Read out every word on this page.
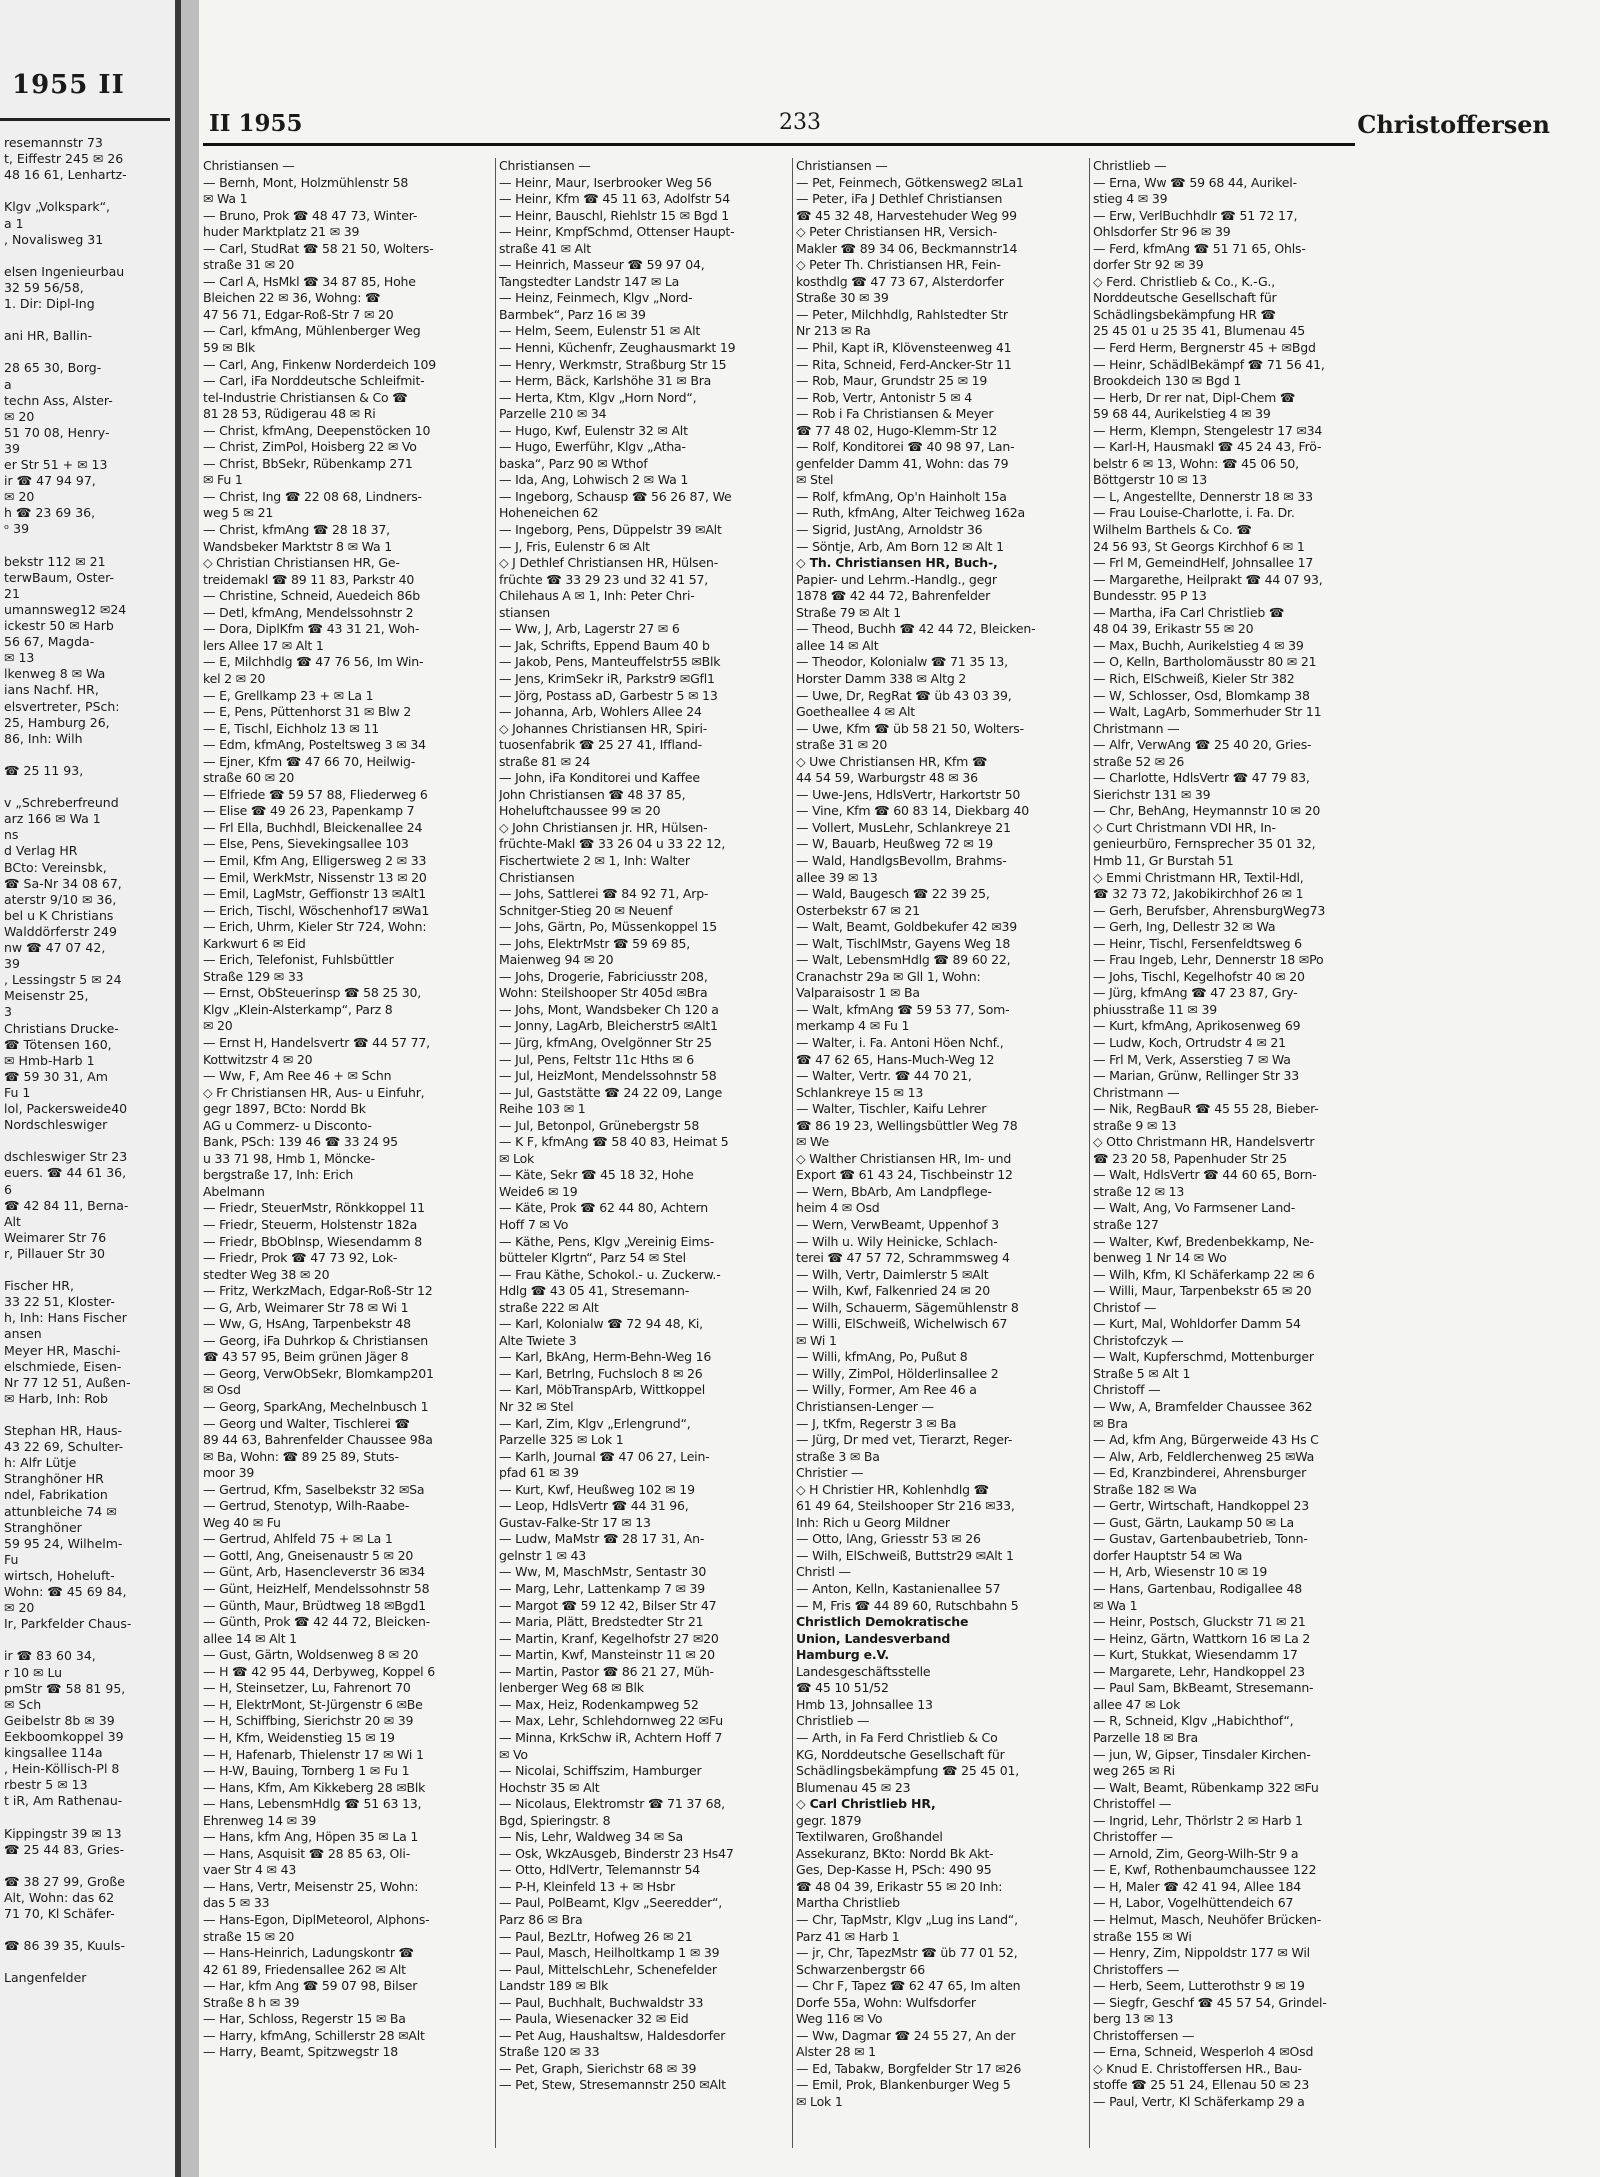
1955 II
resemannstr 73
t, Eiffestr 245 ✉ 26
48 16 61, Lenhartz-
Klgv „Volkspark“,
a 1
, Novalisweg 31
elsen Ingenieurbau
32 59 56/58,
1. Dir: Dipl-Ing
ani HR, Ballin-
28 65 30, Borg-
a
techn Ass, Alster-
✉ 20
51 70 08, Henry-
39
er Str 51 + ✉ 13
ir ☎ 47 94 97,
✉ 20
h ☎ 23 69 36,
ᵒ 39
bekstr 112 ✉ 21
terwBaum, Oster-
21
umannsweg12 ✉24
ickestr 50 ✉ Harb
56 67, Magda-
✉ 13
lkenweg 8 ✉ Wa
ians Nachf. HR,
elsvertreter, PSch:
25, Hamburg 26,
86, Inh: Wilh
☎ 25 11 93,
v „Schreberfreund
arz 166 ✉ Wa 1
ns
d Verlag HR
BCto: Vereinsbk,
☎ Sa-Nr 34 08 67,
aterstr 9/10 ✉ 36,
bel u K Christians
Walddörferstr 249
nw ☎ 47 07 42,
39
, Lessingstr 5 ✉ 24
Meisenstr 25,
3
Christians Drucke-
☎ Tötensen 160,
✉ Hmb-Harb 1
☎ 59 30 31, Am
Fu 1
lol, Packersweide40
Nordschleswiger
dschleswiger Str 23
euers. ☎ 44 61 36,
6
☎ 42 84 11, Berna-
Alt
Weimarer Str 76
r, Pillauer Str 30
Fischer HR,
33 22 51, Kloster-
h, Inh: Hans Fischer
ansen
Meyer HR, Maschi-
elschmiede, Eisen-
Nr 77 12 51, Außen-
✉ Harb, Inh: Rob
Stephan HR, Haus-
43 22 69, Schulter-
h: Alfr Lütje
Stranghöner HR
ndel, Fabrikation
attunbleiche 74 ✉
Stranghöner
59 95 24, Wilhelm-
Fu
wirtsch, Hoheluft-
Wohn: ☎ 45 69 84,
✉ 20
Ir, Parkfelder Chaus-
ir ☎ 83 60 34,
r 10 ✉ Lu
pmStr ☎ 58 81 95,
✉ Sch
Geibelstr 8b ✉ 39
Eekboomkoppel 39
kingsallee 114a
, Hein-Köllisch-Pl 8
rbestr 5 ✉ 13
t iR, Am Rathenau-
Kippingstr 39 ✉ 13
☎ 25 44 83, Gries-
☎ 38 27 99, Große
Alt, Wohn: das 62
71 70, Kl Schäfer-
☎ 86 39 35, Kuuls-
Langenfelder
II 1955	233	Christoffersen
Christiansen —
— Bernh, Mont, Holzmühlenstr 58
✉ Wa 1
— Bruno, Prok ☎ 48 47 73, Winter-
huder Marktplatz 21 ✉ 39
— Carl, StudRat ☎ 58 21 50, Wolters-
straße 31 ✉ 20
— Carl A, HsMkl ☎ 34 87 85, Hohe
Bleichen 22 ✉ 36, Wohng: ☎
47 56 71, Edgar-Roß-Str 7 ✉ 20
— Carl, kfmAng, Mühlenberger Weg
59 ✉ Blk
— Carl, Ang, Finkenw Norderdeich 109
— Carl, iFa Norddeutsche Schleifmit-
tel-Industrie Christiansen & Co ☎
81 28 53, Rüdigerau 48 ✉ Ri
— Christ, kfmAng, Deepenstöcken 10
— Christ, ZimPol, Hoisberg 22 ✉ Vo
— Christ, BbSekr, Rübenkamp 271
✉ Fu 1
— Christ, Ing ☎ 22 08 68, Lindners-
weg 5 ✉ 21
— Christ, kfmAng ☎ 28 18 37,
Wandsbeker Marktstr 8 ✉ Wa 1
◇ Christian Christiansen HR, Ge-
treidemakl ☎ 89 11 83, Parkstr 40
— Christine, Schneid, Auedeich 86b
— Detl, kfmAng, Mendelssohnstr 2
— Dora, DiplKfm ☎ 43 31 21, Woh-
lers Allee 17 ✉ Alt 1
— E, Milchhdlg ☎ 47 76 56, Im Win-
kel 2 ✉ 20
— E, Grellkamp 23 + ✉ La 1
— E, Pens, Püttenhorst 31 ✉ Blw 2
— E, Tischl, Eichholz 13 ✉ 11
— Edm, kfmAng, Posteltsweg 3 ✉ 34
— Ejner, Kfm ☎ 47 66 70, Heilwig-
straße 60 ✉ 20
— Elfriede ☎ 59 57 88, Fliederweg 6
— Elise ☎ 49 26 23, Papenkamp 7
— Frl Ella, Buchhdl, Bleickenallee 24
— Else, Pens, Sievekingsallee 103
— Emil, Kfm Ang, Elligersweg 2 ✉ 33
— Emil, WerkMstr, Nissenstr 13 ✉ 20
— Emil, LagMstr, Geffionstr 13 ✉Alt1
— Erich, Tischl, Wöschenhof17 ✉Wa1
— Erich, Uhrm, Kieler Str 724, Wohn:
Karkwurt 6 ✉ Eid
— Erich, Telefonist, Fuhlsbüttler
Straße 129 ✉ 33
— Ernst, ObSteuerinsp ☎ 58 25 30,
Klgv „Klein-Alsterkamp“, Parz 8
✉ 20
— Ernst H, Handelsvertr ☎ 44 57 77,
Kottwitzstr 4 ✉ 20
— Ww, F, Am Ree 46 + ✉ Schn
◇ Fr Christiansen HR, Aus- u Einfuhr,
gegr 1897, BCto: Nordd Bk
AG u Commerz- u Disconto-
Bank, PSch: 139 46 ☎ 33 24 95
u 33 71 98, Hmb 1, Möncke-
bergstraße 17, Inh: Erich
Abelmann
— Friedr, SteuerMstr, Rönkkoppel 11
— Friedr, Steuerm, Holstenstr 182a
— Friedr, BbOblnsp, Wiesendamm 8
— Friedr, Prok ☎ 47 73 92, Lok-
stedter Weg 38 ✉ 20
— Fritz, WerkzMach, Edgar-Roß-Str 12
— G, Arb, Weimarer Str 78 ✉ Wi 1
— Ww, G, HsAng, Tarpenbekstr 48
— Georg, iFa Duhrkop & Christiansen
☎ 43 57 95, Beim grünen Jäger 8
— Georg, VerwObSekr, Blomkamp201
✉ Osd
— Georg, SparkAng, Mechelnbusch 1
— Georg und Walter, Tischlerei ☎
89 44 63, Bahrenfelder Chaussee 98a
✉ Ba, Wohn: ☎ 89 25 89, Stuts-
moor 39
— Gertrud, Kfm, Saselbekstr 32 ✉Sa
— Gertrud, Stenotyp, Wilh-Raabe-
Weg 40 ✉ Fu
— Gertrud, Ahlfeld 75 + ✉ La 1
— Gottl, Ang, Gneisenaustr 5 ✉ 20
— Günt, Arb, Hasencleverstr 36 ✉34
— Günt, HeizHelf, Mendelssohnstr 58
— Günth, Maur, Brüdtweg 18 ✉Bgd1
— Günth, Prok ☎ 42 44 72, Bleicken-
allee 14 ✉ Alt 1
— Gust, Gärtn, Woldsenweg 8 ✉ 20
— H ☎ 42 95 44, Derbyweg, Koppel 6
— H, Steinsetzer, Lu, Fahrenort 70
— H, ElektrMont, St-Jürgenstr 6 ✉Be
— H, Schiffbing, Sierichstr 20 ✉ 39
— H, Kfm, Weidenstieg 15 ✉ 19
— H, Hafenarb, Thielenstr 17 ✉ Wi 1
— H-W, Bauing, Tornberg 1 ✉ Fu 1
— Hans, Kfm, Am Kikkeberg 28 ✉Blk
— Hans, LebensmHdlg ☎ 51 63 13,
Ehrenweg 14 ✉ 39
— Hans, kfm Ang, Höpen 35 ✉ La 1
— Hans, Asquisit ☎ 28 85 63, Oli-
vaer Str 4 ✉ 43
— Hans, Vertr, Meisenstr 25, Wohn:
das 5 ✉ 33
— Hans-Egon, DiplMeteorol, Alphons-
straße 15 ✉ 20
— Hans-Heinrich, Ladungskontr ☎
42 61 89, Friedensallee 262 ✉ Alt
— Har, kfm Ang ☎ 59 07 98, Bilser
Straße 8 h ✉ 39
— Har, Schloss, Regerstr 15 ✉ Ba
— Harry, kfmAng, Schillerstr 28 ✉Alt
— Harry, Beamt, Spitzwegstr 18
Christiansen —
— Heinr, Maur, Iserbrooker Weg 56
— Heinr, Kfm ☎ 45 11 63, Adolfstr 54
— Heinr, Bauschl, Riehlstr 15 ✉ Bgd 1
— Heinr, KmpfSchmd, Ottenser Haupt-
straße 41 ✉ Alt
— Heinrich, Masseur ☎ 59 97 04,
Tangstedter Landstr 147 ✉ La
— Heinz, Feinmech, Klgv „Nord-
Barmbek“, Parz 16 ✉ 39
— Helm, Seem, Eulenstr 51 ✉ Alt
— Henni, Küchenfr, Zeughausmarkt 19
— Henry, Werkmstr, Straßburg Str 15
— Herm, Bäck, Karlshöhe 31 ✉ Bra
— Herta, Ktm, Klgv „Horn Nord“,
Parzelle 210 ✉ 34
— Hugo, Kwf, Eulenstr 32 ✉ Alt
— Hugo, Ewerführ, Klgv „Atha-
baska“, Parz 90 ✉ Wthof
— Ida, Ang, Lohwisch 2 ✉ Wa 1
— Ingeborg, Schausp ☎ 56 26 87, We
Hoheneichen 62
— Ingeborg, Pens, Düppelstr 39 ✉Alt
— J, Fris, Eulenstr 6 ✉ Alt
◇ J Dethlef Christiansen HR, Hülsen-
früchte ☎ 33 29 23 und 32 41 57,
Chilehaus A ✉ 1, Inh: Peter Chri-
stiansen
— Ww, J, Arb, Lagerstr 27 ✉ 6
— Jak, Schrifts, Eppend Baum 40 b
— Jakob, Pens, Manteuffelstr55 ✉Blk
— Jens, KrimSekr iR, Parkstr9 ✉Gfl1
— Jörg, Postass aD, Garbestr 5 ✉ 13
— Johanna, Arb, Wohlers Allee 24
◇ Johannes Christiansen HR, Spiri-
tuosenfabrik ☎ 25 27 41, Iffland-
straße 81 ✉ 24
— John, iFa Konditorei und Kaffee
John Christiansen ☎ 48 37 85,
Hoheluftchaussee 99 ✉ 20
◇ John Christiansen jr. HR, Hülsen-
früchte-Makl ☎ 33 26 04 u 33 22 12,
Fischertwiete 2 ✉ 1, Inh: Walter
Christiansen
— Johs, Sattlerei ☎ 84 92 71, Arp-
Schnitger-Stieg 20 ✉ Neuenf
— Johs, Gärtn, Po, Müssenkoppel 15
— Johs, ElektrMstr ☎ 59 69 85,
Maienweg 94 ✉ 20
— Johs, Drogerie, Fabriciusstr 208,
Wohn: Steilshooper Str 405d ✉Bra
— Johs, Mont, Wandsbeker Ch 120 a
— Jonny, LagArb, Bleicherstr5 ✉Alt1
— Jürg, kfmAng, Ovelgönner Str 25
— Jul, Pens, Feltstr 11c Hths ✉ 6
— Jul, HeizMont, Mendelssohnstr 58
— Jul, Gaststätte ☎ 24 22 09, Lange
Reihe 103 ✉ 1
— Jul, Betonpol, Grünebergstr 58
— K F, kfmAng ☎ 58 40 83, Heimat 5
✉ Lok
— Käte, Sekr ☎ 45 18 32, Hohe
Weide6 ✉ 19
— Käte, Prok ☎ 62 44 80, Achtern
Hoff 7 ✉ Vo
— Käthe, Pens, Klgv „Vereinig Eims-
bütteler Klgrtn“, Parz 54 ✉ Stel
— Frau Käthe, Schokol.- u. Zuckerw.-
Hdlg ☎ 43 05 41, Stresemann-
straße 222 ✉ Alt
— Karl, Kolonialw ☎ 72 94 48, Ki,
Alte Twiete 3
— Karl, BkAng, Herm-Behn-Weg 16
— Karl, Betrlng, Fuchsloch 8 ✉ 26
— Karl, MöbTranspArb, Wittkoppel
Nr 32 ✉ Stel
— Karl, Zim, Klgv „Erlengrund“,
Parzelle 325 ✉ Lok 1
— Karlh, Journal ☎ 47 06 27, Lein-
pfad 61 ✉ 39
— Kurt, Kwf, Heußweg 102 ✉ 19
— Leop, HdlsVertr ☎ 44 31 96,
Gustav-Falke-Str 17 ✉ 13
— Ludw, MaMstr ☎ 28 17 31, An-
gelnstr 1 ✉ 43
— Ww, M, MaschMstr, Sentastr 30
— Marg, Lehr, Lattenkamp 7 ✉ 39
— Margot ☎ 59 12 42, Bilser Str 47
— Maria, Plätt, Bredstedter Str 21
— Martin, Kranf, Kegelhofstr 27 ✉20
— Martin, Kwf, Mansteinstr 11 ✉ 20
— Martin, Pastor ☎ 86 21 27, Müh-
lenberger Weg 68 ✉ Blk
— Max, Heiz, Rodenkampweg 52
— Max, Lehr, Schlehdornweg 22 ✉Fu
— Minna, KrkSchw iR, Achtern Hoff 7
✉ Vo
— Nicolai, Schiffszim, Hamburger
Hochstr 35 ✉ Alt
— Nicolaus, Elektromstr ☎ 71 37 68,
Bgd, Spieringstr. 8
— Nis, Lehr, Waldweg 34 ✉ Sa
— Osk, WkzAusgeb, Binderstr 23 Hs47
— Otto, HdlVertr, Telemannstr 54
— P-H, Kleinfeld 13 + ✉ Hsbr
— Paul, PolBeamt, Klgv „Seeredder“,
Parz 86 ✉ Bra
— Paul, BezLtr, Hofweg 26 ✉ 21
— Paul, Masch, Heilholtkamp 1 ✉ 39
— Paul, MittelschLehr, Schenefelder
Landstr 189 ✉ Blk
— Paul, Buchhalt, Buchwaldstr 33
— Paula, Wiesenacker 32 ✉ Eid
— Pet Aug, Haushaltsw, Haldesdorfer
Straße 120 ✉ 33
— Pet, Graph, Sierichstr 68 ✉ 39
— Pet, Stew, Stresemannstr 250 ✉Alt
Christiansen —
— Pet, Feinmech, Götkensweg2 ✉La1
— Peter, iFa J Dethlef Christiansen
☎ 45 32 48, Harvestehuder Weg 99
◇ Peter Christiansen HR, Versich-
Makler ☎ 89 34 06, Beckmannstr14
◇ Peter Th. Christiansen HR, Fein-
kosthdlg ☎ 47 73 67, Alsterdorfer
Straße 30 ✉ 39
— Peter, Milchhdlg, Rahlstedter Str
Nr 213 ✉ Ra
— Phil, Kapt iR, Klövensteenweg 41
— Rita, Schneid, Ferd-Ancker-Str 11
— Rob, Maur, Grundstr 25 ✉ 19
— Rob, Vertr, Antonistr 5 ✉ 4
— Rob i Fa Christiansen & Meyer
☎ 77 48 02, Hugo-Klemm-Str 12
— Rolf, Konditorei ☎ 40 98 97, Lan-
genfelder Damm 41, Wohn: das 79
✉ Stel
— Rolf, kfmAng, Op'n Hainholt 15a
— Ruth, kfmAng, Alter Teichweg 162a
— Sigrid, JustAng, Arnoldstr 36
— Söntje, Arb, Am Born 12 ✉ Alt 1
◇ Th. Christiansen HR, Buch-,
Papier- und Lehrm.-Handlg., gegr
1878 ☎ 42 44 72, Bahrenfelder
Straße 79 ✉ Alt 1
— Theod, Buchh ☎ 42 44 72, Bleicken-
allee 14 ✉ Alt
— Theodor, Kolonialw ☎ 71 35 13,
Horster Damm 338 ✉ Altg 2
— Uwe, Dr, RegRat ☎ üb 43 03 39,
Goetheallee 4 ✉ Alt
— Uwe, Kfm ☎ üb 58 21 50, Wolters-
straße 31 ✉ 20
◇ Uwe Christiansen HR, Kfm ☎
44 54 59, Warburgstr 48 ✉ 36
— Uwe-Jens, HdlsVertr, Harkortstr 50
— Vine, Kfm ☎ 60 83 14, Diekbarg 40
— Vollert, MusLehr, Schlankreye 21
— W, Bauarb, Heußweg 72 ✉ 19
— Wald, HandlgsBevollm, Brahms-
allee 39 ✉ 13
— Wald, Baugesch ☎ 22 39 25,
Osterbekstr 67 ✉ 21
— Walt, Beamt, Goldbekufer 42 ✉39
— Walt, TischlMstr, Gayens Weg 18
— Walt, LebensmHdlg ☎ 89 60 22,
Cranachstr 29a ✉ Gll 1, Wohn:
Valparaisostr 1 ✉ Ba
— Walt, kfmAng ☎ 59 53 77, Som-
merkamp 4 ✉ Fu 1
— Walter, i. Fa. Antoni Höen Nchf.,
☎ 47 62 65, Hans-Much-Weg 12
— Walter, Vertr. ☎ 44 70 21,
Schlankreye 15 ✉ 13
— Walter, Tischler, Kaifu Lehrer
☎ 86 19 23, Wellingsbüttler Weg 78
✉ We
◇ Walther Christiansen HR, Im- und
Export ☎ 61 43 24, Tischbeinstr 12
— Wern, BbArb, Am Landpflege-
heim 4 ✉ Osd
— Wern, VerwBeamt, Uppenhof 3
— Wilh u. Wily Heinicke, Schlach-
terei ☎ 47 57 72, Schrammsweg 4
— Wilh, Vertr, Daimlerstr 5 ✉Alt
— Wilh, Kwf, Falkenried 24 ✉ 20
— Wilh, Schauerm, Sägemühlenstr 8
— Willi, ElSchweiß, Wichelwisch 67
✉ Wi 1
— Willi, kfmAng, Po, Pußut 8
— Willy, ZimPol, Hölderlinsallee 2
— Willy, Former, Am Ree 46 a
Christiansen-Lenger —
— J, tKfm, Regerstr 3 ✉ Ba
— Jürg, Dr med vet, Tierarzt, Reger-
straße 3 ✉ Ba
Christier —
◇ H Christier HR, Kohlenhdlg ☎
61 49 64, Steilshooper Str 216 ✉33,
Inh: Rich u Georg Mildner
— Otto, lAng, Griesstr 53 ✉ 26
— Wilh, ElSchweiß, Buttstr29 ✉Alt 1
Christl —
— Anton, Kelln, Kastanienallee 57
— M, Fris ☎ 44 89 60, Rutschbahn 5
Christlich Demokratische
Union, Landesverband
Hamburg e.V.
Landesgeschäftsstelle
☎ 45 10 51/52
Hmb 13, Johnsallee 13
Christlieb —
— Arth, in Fa Ferd Christlieb & Co
KG, Norddeutsche Gesellschaft für
Schädlingsbekämpfung ☎ 25 45 01,
Blumenau 45 ✉ 23
◇ Carl Christlieb HR,
gegr. 1879
Textilwaren, Großhandel
Assekuranz, BKto: Nordd Bk Akt-
Ges, Dep-Kasse H, PSch: 490 95
☎ 48 04 39, Erikastr 55 ✉ 20 Inh:
Martha Christlieb
— Chr, TapMstr, Klgv „Lug ins Land“,
Parz 41 ✉ Harb 1
— jr, Chr, TapezMstr ☎ üb 77 01 52,
Schwarzenbergstr 66
— Chr F, Tapez ☎ 62 47 65, Im alten
Dorfe 55a, Wohn: Wulfsdorfer
Weg 116 ✉ Vo
— Ww, Dagmar ☎ 24 55 27, An der
Alster 28 ✉ 1
— Ed, Tabakw, Borgfelder Str 17 ✉26
— Emil, Prok, Blankenburger Weg 5
✉ Lok 1
Christlieb —
— Erna, Ww ☎ 59 68 44, Aurikel-
stieg 4 ✉ 39
— Erw, VerlBuchhdlr ☎ 51 72 17,
Ohlsdorfer Str 96 ✉ 39
— Ferd, kfmAng ☎ 51 71 65, Ohls-
dorfer Str 92 ✉ 39
◇ Ferd. Christlieb & Co., K.-G.,
Norddeutsche Gesellschaft für
Schädlingsbekämpfung HR ☎
25 45 01 u 25 35 41, Blumenau 45
— Ferd Herm, Bergnerstr 45 + ✉Bgd
— Heinr, SchädlBekämpf ☎ 71 56 41,
Brookdeich 130 ✉ Bgd 1
— Herb, Dr rer nat, Dipl-Chem ☎
59 68 44, Aurikelstieg 4 ✉ 39
— Herm, Klempn, Stengelestr 17 ✉34
— Karl-H, Hausmakl ☎ 45 24 43, Frö-
belstr 6 ✉ 13, Wohn: ☎ 45 06 50,
Böttgerstr 10 ✉ 13
— L, Angestellte, Dennerstr 18 ✉ 33
— Frau Louise-Charlotte, i. Fa. Dr.
Wilhelm Barthels & Co. ☎
24 56 93, St Georgs Kirchhof 6 ✉ 1
— Frl M, GemeindHelf, Johnsallee 17
— Margarethe, Heilprakt ☎ 44 07 93,
Bundesstr. 95 P 13
— Martha, iFa Carl Christlieb ☎
48 04 39, Erikastr 55 ✉ 20
— Max, Buchh, Aurikelstieg 4 ✉ 39
— O, Kelln, Bartholomäusstr 80 ✉ 21
— Rich, ElSchweiß, Kieler Str 382
— W, Schlosser, Osd, Blomkamp 38
— Walt, LagArb, Sommerhuder Str 11
Christmann —
— Alfr, VerwAng ☎ 25 40 20, Gries-
straße 52 ✉ 26
— Charlotte, HdlsVertr ☎ 47 79 83,
Sierichstr 131 ✉ 39
— Chr, BehAng, Heymannstr 10 ✉ 20
◇ Curt Christmann VDI HR, In-
genieurbüro, Fernsprecher 35 01 32,
Hmb 11, Gr Burstah 51
◇ Emmi Christmann HR, Textil-Hdl,
☎ 32 73 72, Jakobikirchhof 26 ✉ 1
— Gerh, Berufsber, AhrensburgWeg73
— Gerh, Ing, Dellestr 32 ✉ Wa
— Heinr, Tischl, Fersenfeldtsweg 6
— Frau Ingeb, Lehr, Dennerstr 18 ✉Po
— Johs, Tischl, Kegelhofstr 40 ✉ 20
— Jürg, kfmAng ☎ 47 23 87, Gry-
phiusstraße 11 ✉ 39
— Kurt, kfmAng, Aprikosenweg 69
— Ludw, Koch, Ortrudstr 4 ✉ 21
— Frl M, Verk, Asserstieg 7 ✉ Wa
— Marian, Grünw, Rellinger Str 33
Christmann —
— Nik, RegBauR ☎ 45 55 28, Bieber-
straße 9 ✉ 13
◇ Otto Christmann HR, Handelsvertr
☎ 23 20 58, Papenhuder Str 25
— Walt, HdlsVertr ☎ 44 60 65, Born-
straße 12 ✉ 13
— Walt, Ang, Vo Farmsener Land-
straße 127
— Walter, Kwf, Bredenbekkamp, Ne-
benweg 1 Nr 14 ✉ Wo
— Wilh, Kfm, Kl Schäferkamp 22 ✉ 6
— Willi, Maur, Tarpenbekstr 65 ✉ 20
Christof —
— Kurt, Mal, Wohldorfer Damm 54
Christofczyk —
— Walt, Kupferschmd, Mottenburger
Straße 5 ✉ Alt 1
Christoff —
— Ww, A, Bramfelder Chaussee 362
✉ Bra
— Ad, kfm Ang, Bürgerweide 43 Hs C
— Alw, Arb, Feldlerchenweg 25 ✉Wa
— Ed, Kranzbinderei, Ahrensburger
Straße 182 ✉ Wa
— Gertr, Wirtschaft, Handkoppel 23
— Gust, Gärtn, Laukamp 50 ✉ La
— Gustav, Gartenbaubetrieb, Tonn-
dorfer Hauptstr 54 ✉ Wa
— H, Arb, Wiesenstr 10 ✉ 19
— Hans, Gartenbau, Rodigallee 48
✉ Wa 1
— Heinr, Postsch, Gluckstr 71 ✉ 21
— Heinz, Gärtn, Wattkorn 16 ✉ La 2
— Kurt, Stukkat, Wiesendamm 17
— Margarete, Lehr, Handkoppel 23
— Paul Sam, BkBeamt, Stresemann-
allee 47 ✉ Lok
— R, Schneid, Klgv „Habichthof“,
Parzelle 18 ✉ Bra
— jun, W, Gipser, Tinsdaler Kirchen-
weg 265 ✉ Ri
— Walt, Beamt, Rübenkamp 322 ✉Fu
Christoffel —
— Ingrid, Lehr, Thörlstr 2 ✉ Harb 1
Christoffer —
— Arnold, Zim, Georg-Wilh-Str 9 a
— E, Kwf, Rothenbaumchaussee 122
— H, Maler ☎ 42 41 94, Allee 184
— H, Labor, Vogelhüttendeich 67
— Helmut, Masch, Neuhöfer Brücken-
straße 155 ✉ Wi
— Henry, Zim, Nippoldstr 177 ✉ Wil
Christoffers —
— Herb, Seem, Lutterothstr 9 ✉ 19
— Siegfr, Geschf ☎ 45 57 54, Grindel-
berg 13 ✉ 13
Christoffersen —
— Erna, Schneid, Wesperloh 4 ✉Osd
◇ Knud E. Christoffersen HR., Bau-
stoffe ☎ 25 51 24, Ellenau 50 ✉ 23
— Paul, Vertr, Kl Schäferkamp 29 a
